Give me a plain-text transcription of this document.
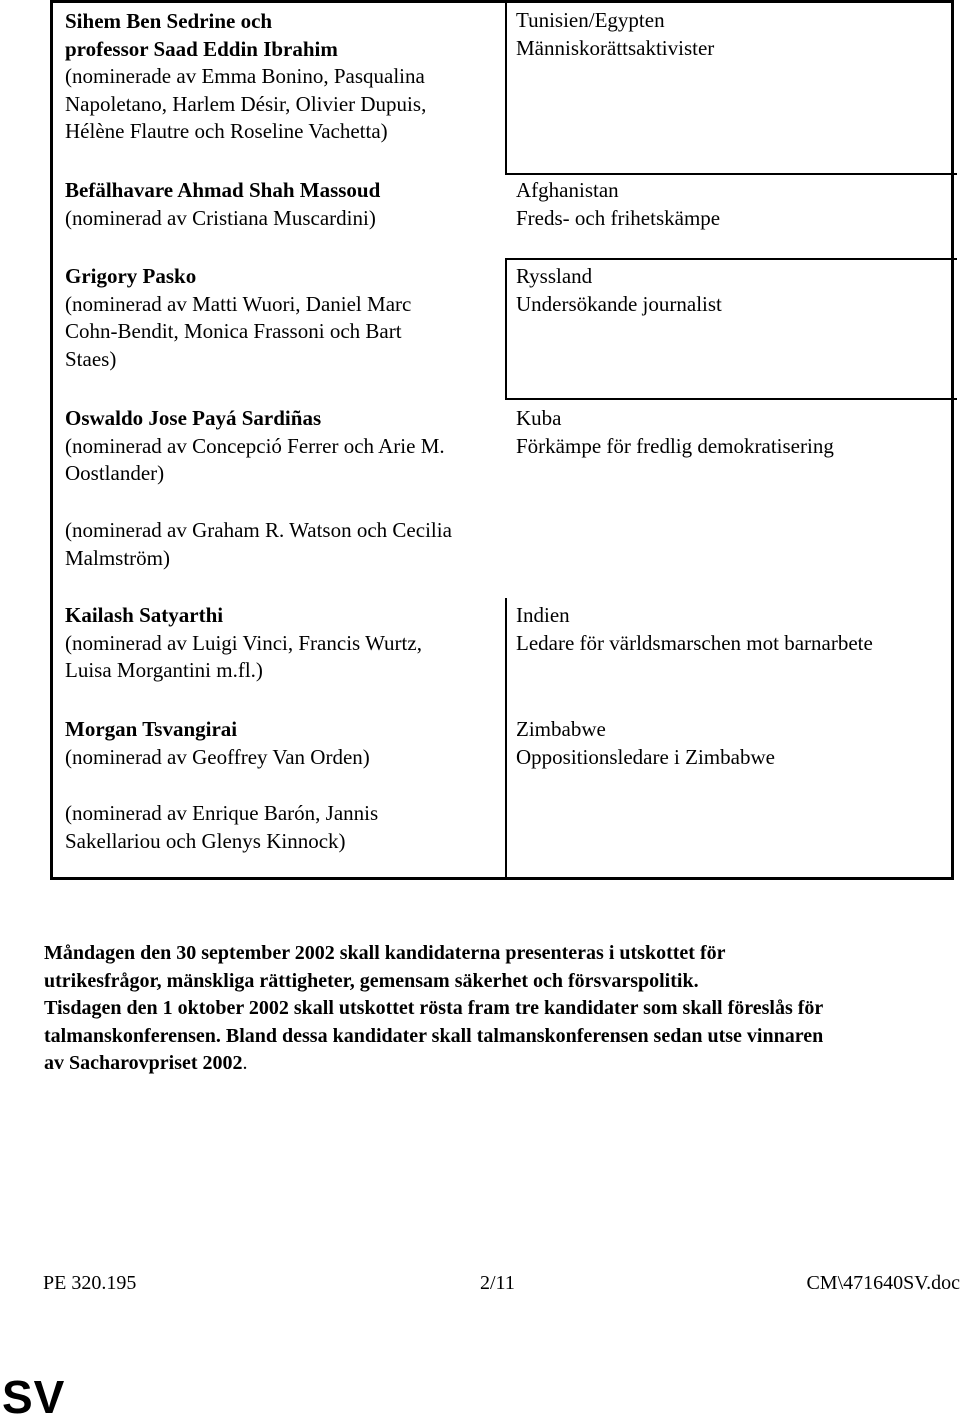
Sihem Ben Sedrine och
professor Saad Eddin Ibrahim
(nominerade av Emma Bonino, Pasqualina
Napoletano, Harlem Désir, Olivier Dupuis,
Hélène Flautre och Roseline Vachetta)
Tunisien/Egypten
Människorättsaktivister
Befälhavare Ahmad Shah Massoud
(nominerad av Cristiana Muscardini)
Afghanistan
Freds- och frihetskämpe
Grigory Pasko
(nominerad av Matti Wuori, Daniel Marc
Cohn-Bendit, Monica Frassoni och Bart
Staes)
Ryssland
Undersökande journalist
Oswaldo Jose Payá Sardiñas
(nominerad av Concepció Ferrer och Arie M.
Oostlander)
Kuba
Förkämpe för fredlig demokratisering
(nominerad av Graham R. Watson och Cecilia
Malmström)
Kailash Satyarthi
(nominerad av Luigi Vinci, Francis Wurtz,
Luisa Morgantini m.fl.)
Indien
Ledare för världsmarschen mot barnarbete
Morgan Tsvangirai
(nominerad av Geoffrey Van Orden)
Zimbabwe
Oppositionsledare i Zimbabwe
(nominerad av Enrique Barón, Jannis
Sakellariou och Glenys Kinnock)
Måndagen den 30 september 2002 skall kandidaterna presenteras i utskottet för
utrikesfrågor, mänskliga rättigheter, gemensam säkerhet och försvarspolitik.
Tisdagen den 1 oktober 2002 skall utskottet rösta fram tre kandidater som skall föreslås för
talmanskonferensen. Bland dessa kandidater skall talmanskonferensen sedan utse vinnaren
av Sacharovpriset 2002.
PE 320.195	2/11	CM\471640SV.doc
SV
